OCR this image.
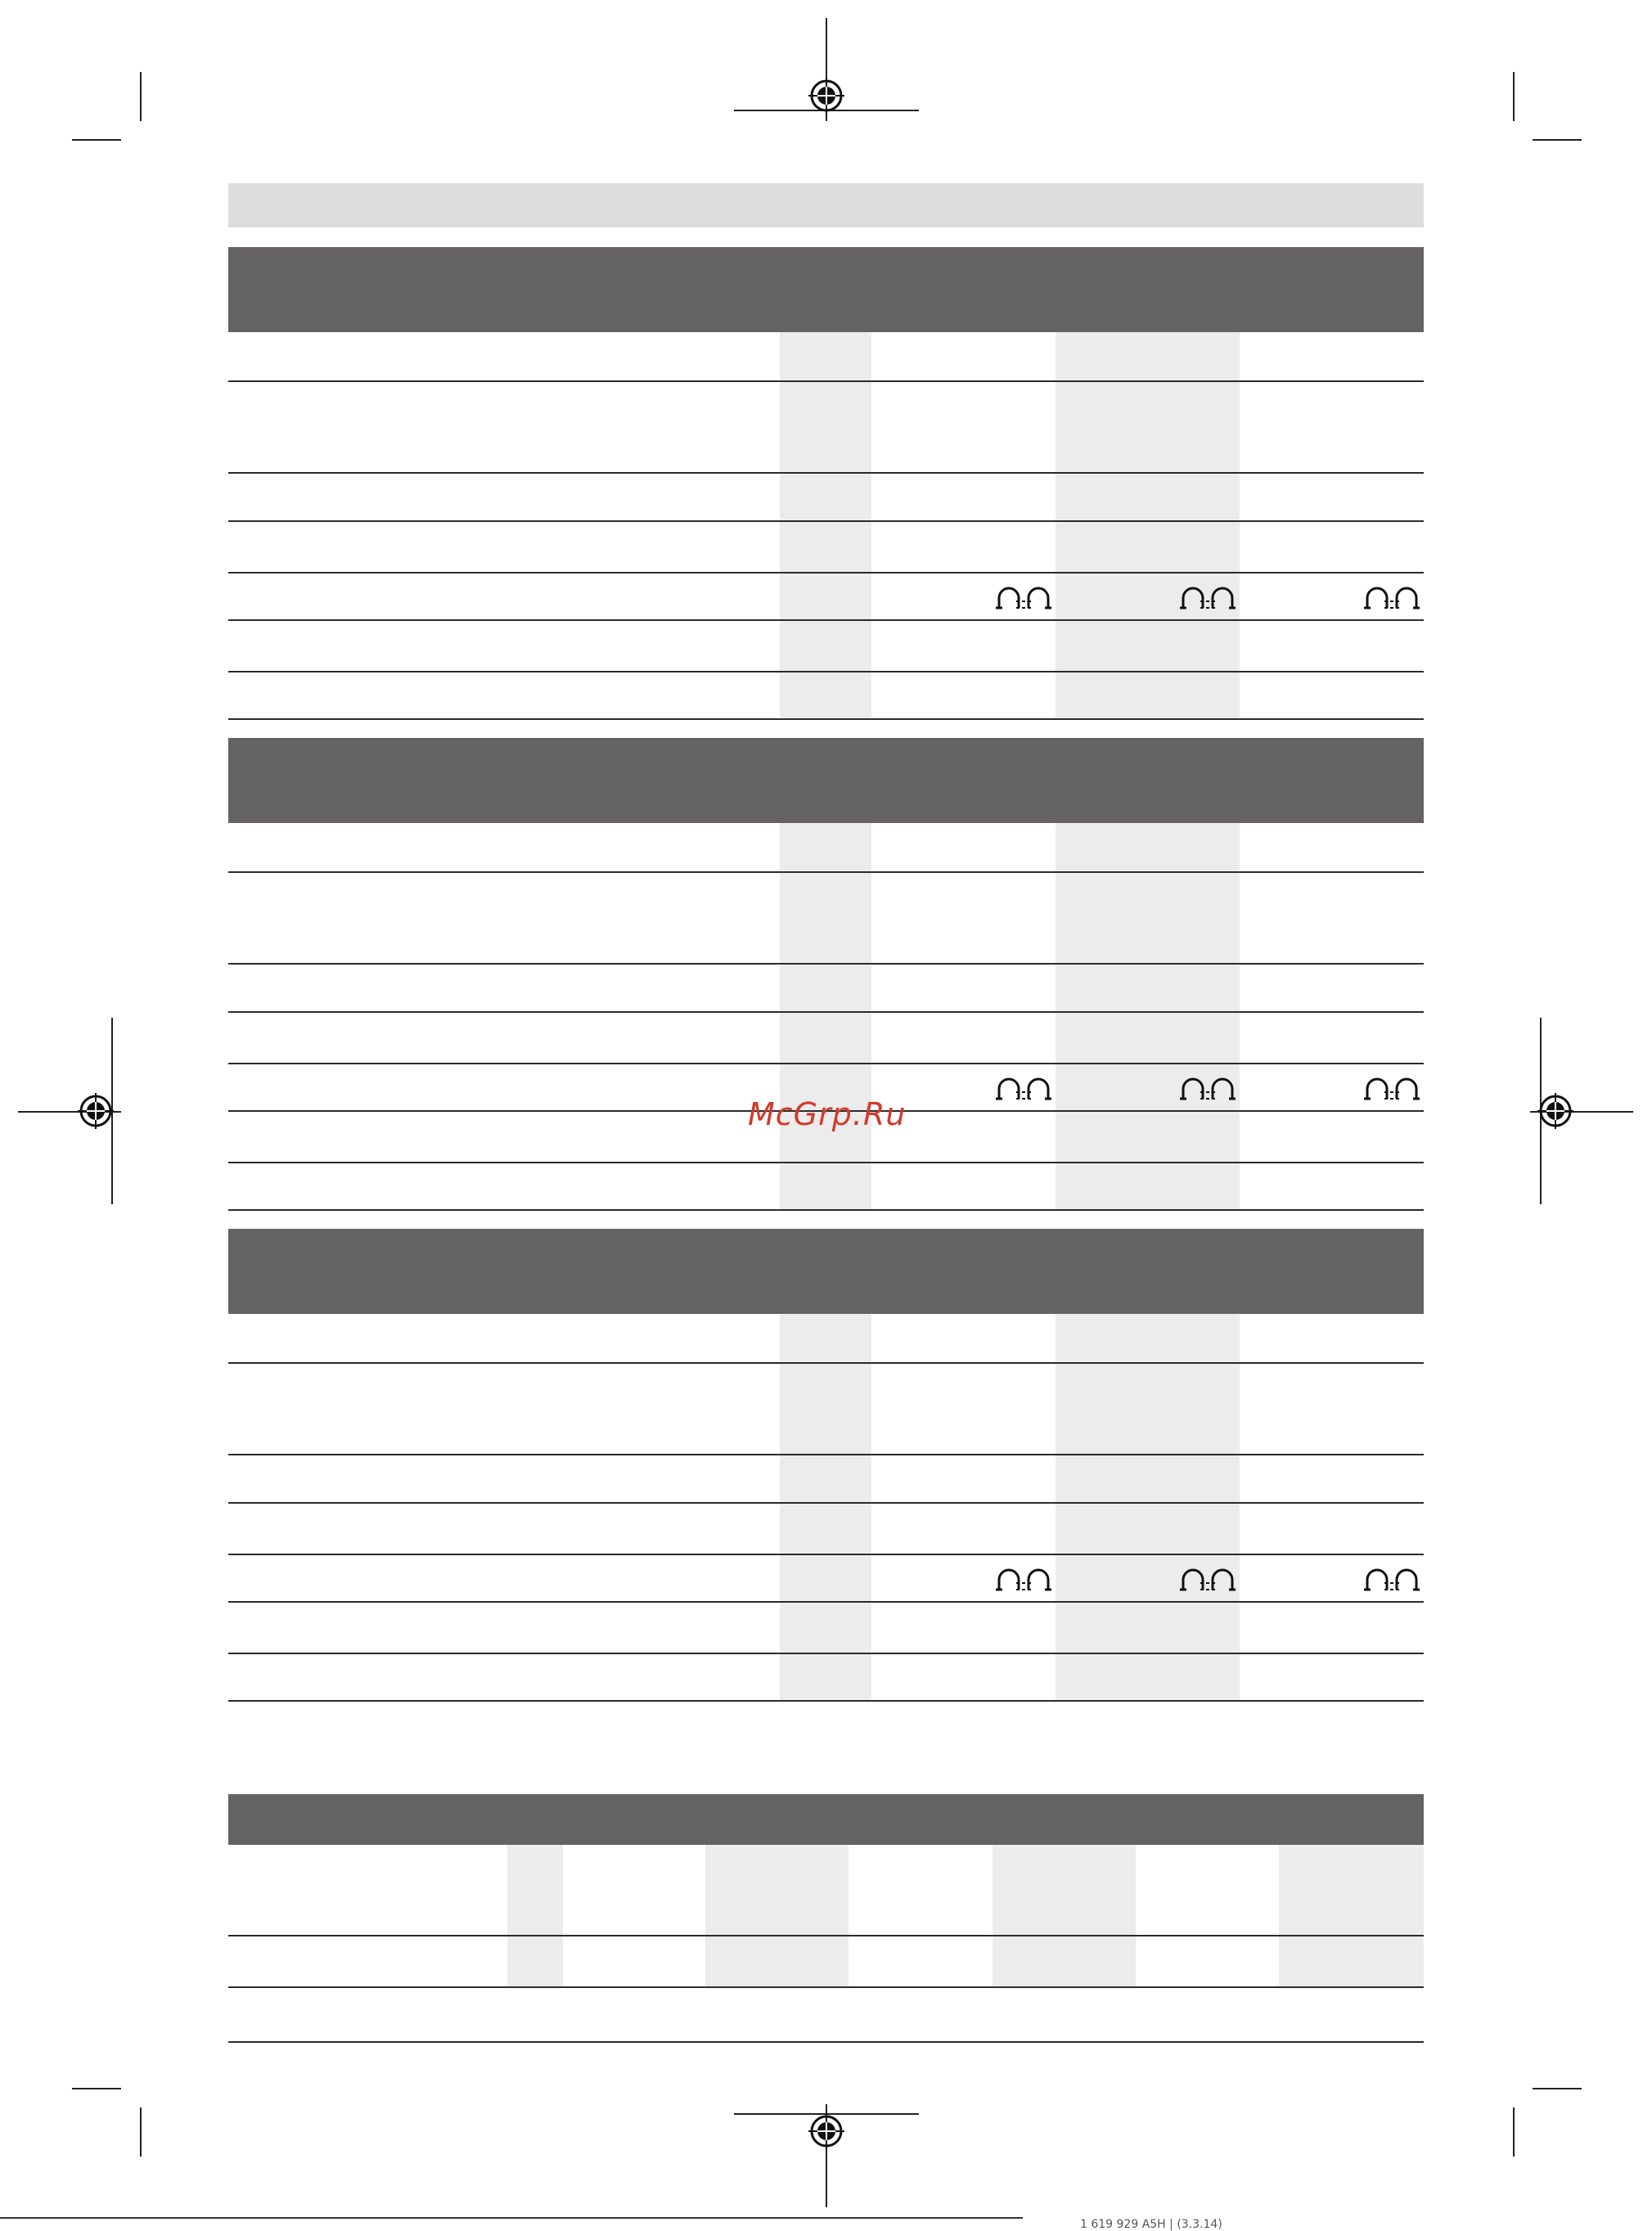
McGrp.Ru
1 619 929 A5H | (3.3.14)
